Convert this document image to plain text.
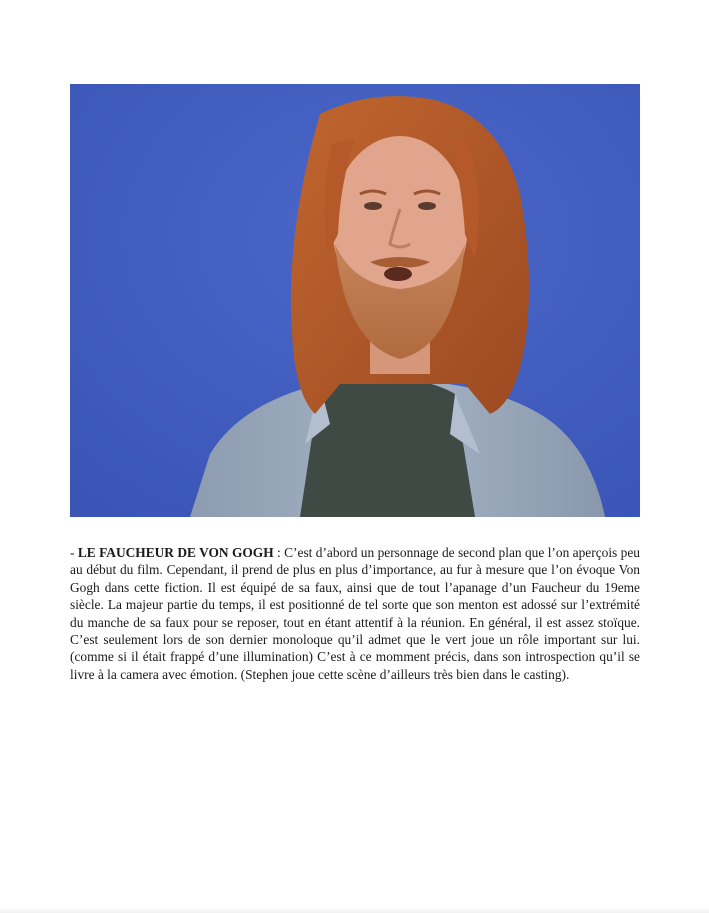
- LE FAUCHEUR DE VON GOGH : C’est d’abord un personnage de second plan que l’on aperçois peu au début du film. Cependant, il prend de plus en plus d’importance, au fur à mesure que l’on évoque Von Gogh dans cette fiction. Il est équipé de sa faux, ainsi que de tout l’apanage d’un Faucheur du 19eme siècle. La majeur partie du temps, il est positionné de tel sorte que son menton est adossé sur l’extrémité du manche de sa faux pour se reposer, tout en étant attentif à la réunion. En général, il est assez stoïque. C’est seulement lors de son dernier monoloque qu’il admet que le vert joue un rôle important sur lui. (comme si il était frappé d’une illumination) C’est à ce momment précis, dans son introspection qu’il se livre à la camera avec émotion. (Stephen joue cette scène d’ailleurs très bien dans le casting).
